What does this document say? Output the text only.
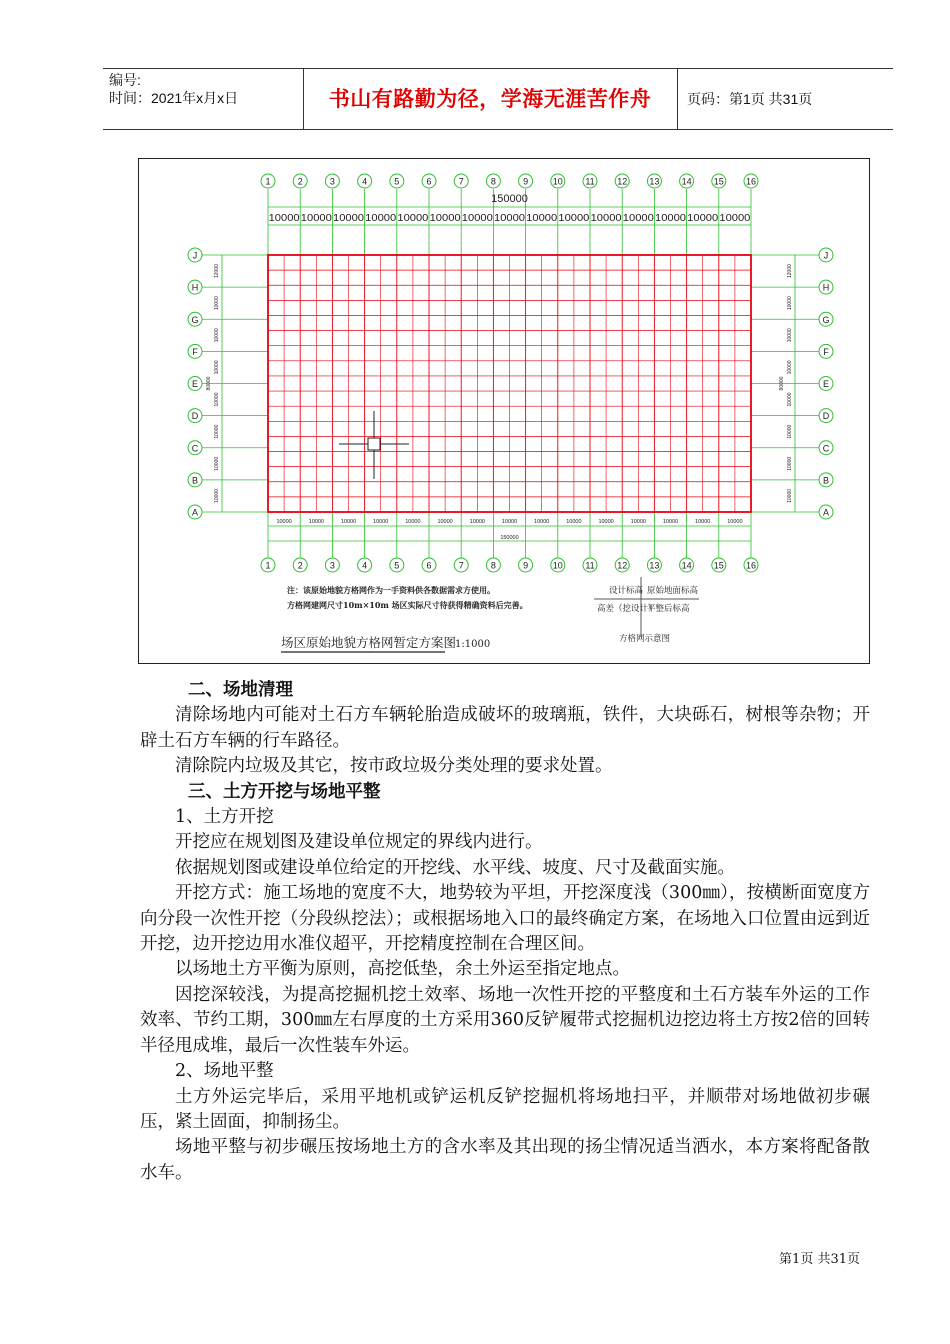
编号:
时间：2021年x月x日	书山有路勤为径，学海无涯苦作舟	页码：第1页 共31页
1
1
2
2
3
3
4
4
5
5
6
6
7
7
8
8
9
9
10
10
11
11
12
12
13
13
14
14
15
15
16
16
J	J
H	H
G	G
F	F
E	E
D	D
C	C
B	B
A	A
150000
10000 10000 10000 10000 10000 10000 10000 10000 10000 10000 10000 10000 10000 10000 10000
10000	10000	10000	10000	10000	10000	10000	10000	10000	10000	10000	10000	10000	10000	10000
150000
12000
10000
10000
10000
10000
10000
10000
10000
80000
12000
10000
10000
10000
10000
10000
10000
10000
80000
注：该原始地貌方格网作为一手资料供各数据需求方使用。
方格网建网尺寸10m×10m 场区实际尺寸待获得精确资料后完善。
设计标高 原始地面标高
高差（挖设计）
平整后标高
方格网示意图
场区原始地貌方格网暂定方案图
1:1000

二、场地清理

清除场地内可能对土石方车辆轮胎造成破坏的玻璃瓶，铁件，大块砾石，树根等杂物；开辟土石方车辆的行车路径。

清除院内垃圾及其它，按市政垃圾分类处理的要求处置。

三、土方开挖与场地平整

1、土方开挖

开挖应在规划图及建设单位规定的界线内进行。

依据规划图或建设单位给定的开挖线、水平线、坡度、尺寸及截面实施。

开挖方式：施工场地的宽度不大，地势较为平坦，开挖深度浅（300㎜），按横断面宽度方向分段一次性开挖（分段纵挖法）；或根据场地入口的最终确定方案，在场地入口位置由远到近开挖，边开挖边用水准仪超平，开挖精度控制在合理区间。

以场地土方平衡为原则，高挖低垫，余土外运至指定地点。

因挖深较浅，为提高挖掘机挖土效率、场地一次性开挖的平整度和土石方装车外运的工作效率、节约工期，300㎜左右厚度的土方采用360反铲履带式挖掘机边挖边将土方按2倍的回转半径甩成堆，最后一次性装车外运。

2、场地平整

土方外运完毕后，采用平地机或铲运机反铲挖掘机将场地扫平，并顺带对场地做初步碾压，紧土固面，抑制扬尘。

场地平整与初步碾压按场地土方的含水率及其出现的扬尘情况适当洒水，本方案将配备散水车。

第1页 共31页
